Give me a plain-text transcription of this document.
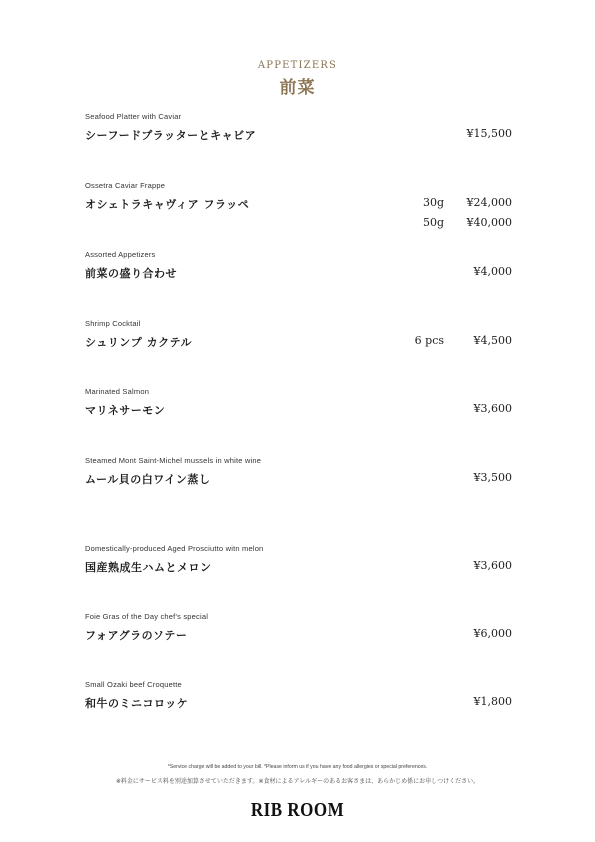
APPETIZERS
前菜
Seafood Platter with Caviar
シーフードプラッターとキャビア	¥15,500
Ossetra Caviar Frappe
オシェトラキャヴィア フラッペ	30g ¥24,000
50g ¥40,000
Assorted Appetizers
前菜の盛り合わせ	¥4,000
Shrimp Cocktail
シュリンプ カクテル	6 pcs	¥4,500
Marinated Salmon
マリネサーモン	¥3,600
Steamed Mont Saint-Michel mussels in white wine
ムール貝の白ワイン蒸し	¥3,500
Domestically-produced Aged Prosciutto witn melon
国産熟成生ハムとメロン	¥3,600
Foie Gras of the Day chef's special
フォアグラのソテー	¥6,000
Small Ozaki beef Croquette
和牛のミニコロッケ	¥1,800
*Service charge will be added to your bill. *Please inform us if you have any food allergies or special preferences.
※料金にサービス料を別途加算させていただきます。※食材によるアレルギーのあるお客さまは、あらかじめ係にお申しつけください。
RIB ROOM
